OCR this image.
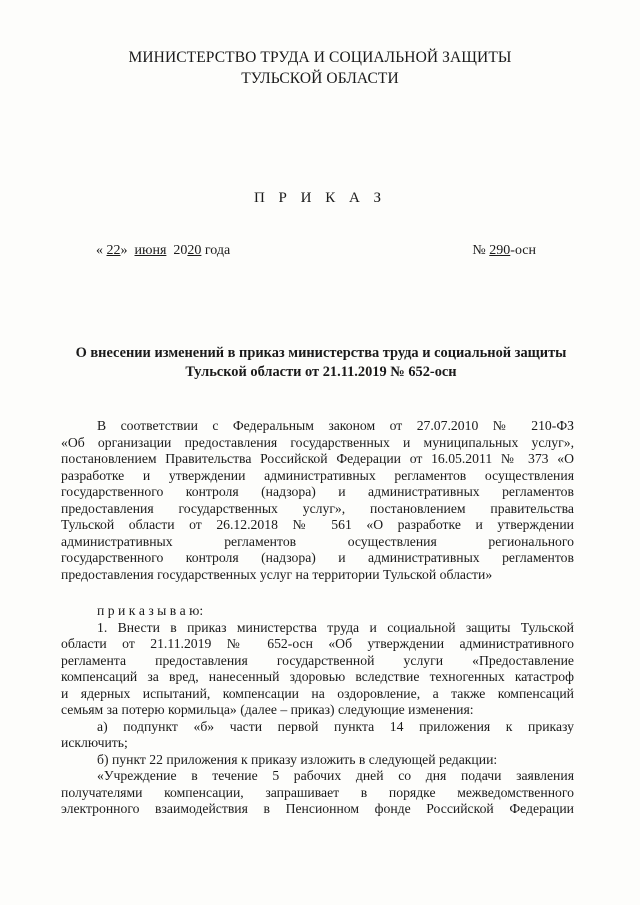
МИНИСТЕРСТВО ТРУДА И СОЦИАЛЬНОЙ ЗАЩИТЫ
ТУЛЬСКОЙ ОБЛАСТИ
П Р И К А З
« 22» июня 2020 года	№ 290-осн
О внесении изменений в приказ министерства труда и социальной защиты
Тульской области от 21.11.2019 № 652-осн
В соответствии с Федеральным законом от 27.07.2010 № 210-ФЗ
«Об организации предоставления государственных и муниципальных услуг»,
постановлением Правительства Российской Федерации от 16.05.2011 № 373 «О
разработке и утверждении административных регламентов осуществления
государственного контроля (надзора) и административных регламентов
предоставления государственных услуг», постановлением правительства
Тульской области от 26.12.2018 № 561 «О разработке и утверждении
административных регламентов осуществления регионального
государственного контроля (надзора) и административных регламентов
предоставления государственных услуг на территории Тульской области»
п р и к а з ы в а ю:
1. Внести в приказ министерства труда и социальной защиты Тульской
области от 21.11.2019 № 652-осн «Об утверждении административного
регламента предоставления государственной услуги «Предоставление
компенсаций за вред, нанесенный здоровью вследствие техногенных катастроф
и ядерных испытаний, компенсации на оздоровление, а также компенсаций
семьям за потерю кормильца» (далее – приказ) следующие изменения:
а) подпункт «б» части первой пункта 14 приложения к приказу
исключить;
б) пункт 22 приложения к приказу изложить в следующей редакции:
«Учреждение в течение 5 рабочих дней со дня подачи заявления
получателями компенсации, запрашивает в порядке межведомственного
электронного взаимодействия в Пенсионном фонде Российской Федерации
